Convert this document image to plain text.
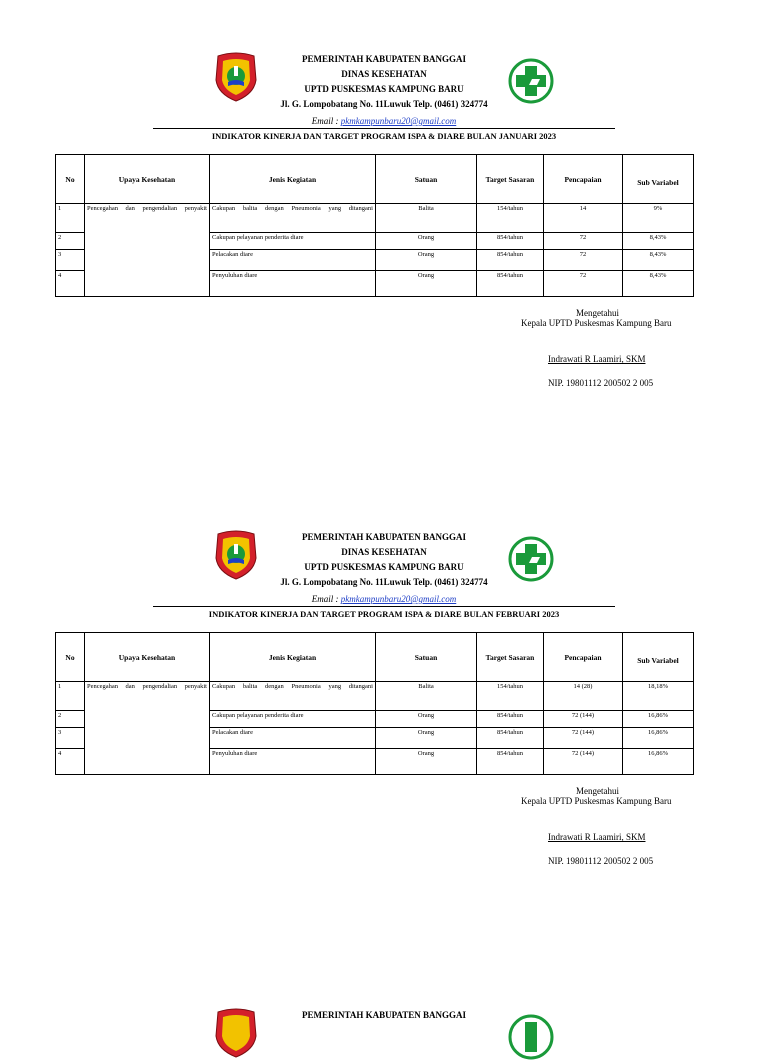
PEMERINTAH KABUPATEN BANGGAI
DINAS KESEHATAN
UPTD PUSKESMAS KAMPUNG BARU
Jl. G. Lompobatang No. 11Luwuk Telp. (0461) 324774
Email : pkmkampunbaru20@gmail.com
INDIKATOR KINERJA DAN TARGET PROGRAM ISPA & DIARE BULAN JANUARI 2023
No	Upaya Kesehatan	Jenis Kegiatan	Satuan	Target Sasaran	Pencapaian	Sub Variabel
1	Pencegahan dan pengendalian penyakit	Cakupan balita dengan Pneumonia yang ditangani	Balita	154/tahun	14	9%
2		Cakupan pelayanan penderita diare	Orang	854/tahun	72	8,43%
3		Pelacakan diare	Orang	854/tahun	72	8,43%
4		Penyuluhan diare	Orang	854/tahun	72	8,43%
Mengetahui
Kepala UPTD Puskesmas Kampung Baru
Indrawati R Laamiri, SKM
NIP. 19801112 200502 2 005
PEMERINTAH KABUPATEN BANGGAI
DINAS KESEHATAN
UPTD PUSKESMAS KAMPUNG BARU
Jl. G. Lompobatang No. 11Luwuk Telp. (0461) 324774
Email : pkmkampunbaru20@gmail.com
INDIKATOR KINERJA DAN TARGET PROGRAM ISPA & DIARE BULAN FEBRUARI 2023
No	Upaya Kesehatan	Jenis Kegiatan	Satuan	Target Sasaran	Pencapaian	Sub Variabel
1	Pencegahan dan pengendalian penyakit	Cakupan balita dengan Pneumonia yang ditangani	Balita	154/tahun	14 (28)	18,18%
2		Cakupan pelayanan penderita diare	Orang	854/tahun	72 (144)	16,86%
3		Pelacakan diare	Orang	854/tahun	72 (144)	16,86%
4		Penyuluhan diare	Orang	854/tahun	72 (144)	16,86%
Mengetahui
Kepala UPTD Puskesmas Kampung Baru
Indrawati R Laamiri, SKM
NIP. 19801112 200502 2 005
PEMERINTAH KABUPATEN BANGGAI
